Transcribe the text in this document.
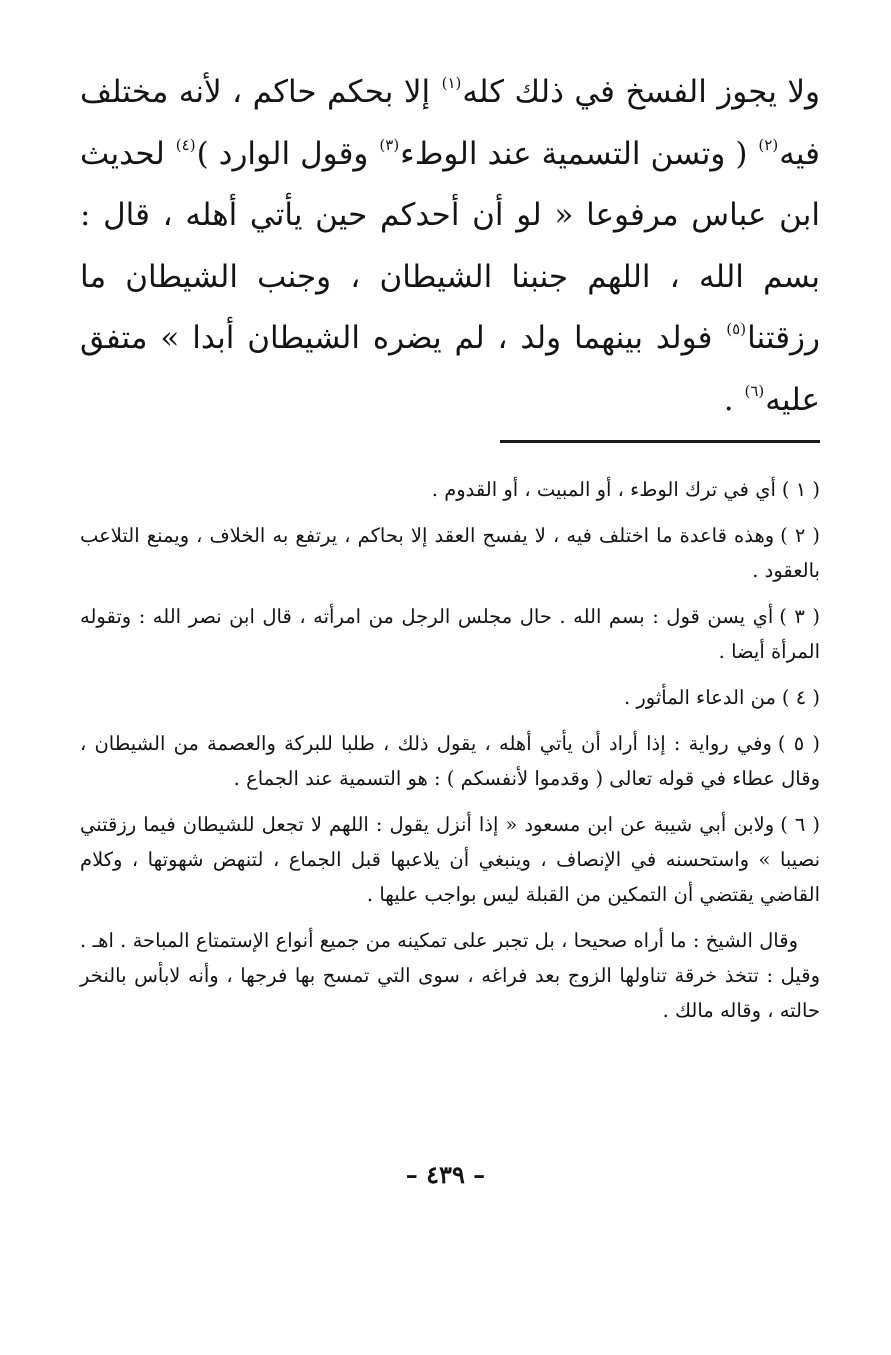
ولا يجوز الفسخ في ذلك كله$^{(١)}$ إلا بحكم حاكم ، لأنه مختلف فيه$^{(٢)}$ ( وتسن التسمية عند الوطء$^{(٣)}$ وقول الوارد )$^{(٤)}$ لحديث ابن عباس مرفوعا « لو أن أحدكم حين يأتي أهله ، قال : بسم الله ، اللهم جنبنا الشيطان ، وجنب الشيطان ما رزقتنا$^{(٥)}$ فولد بينهما ولد ، لم يضره الشيطان أبدا » متفق عليه$^{(٦)}$ .

( ١ )أي في ترك الوطء ، أو المبيت ، أو القدوم .

( ٢ )وهذه قاعدة ما اختلف فيه ، لا يفسح العقد إلا بحاكم ، يرتفع به الخلاف ، ويمنع التلاعب بالعقود .

( ٣ )أي يسن قول : بسم الله . حال مجلس الرجل من امرأته ، قال ابن نصر الله : وتقوله المرأة أيضا .

( ٤ )من الدعاء المأثور .

( ٥ )وفي رواية : إذا أراد أن يأتي أهله ، يقول ذلك ، طلبا للبركة والعصمة من الشيطان ، وقال عطاء في قوله تعالى ( وقدموا لأنفسكم ) : هو التسمية عند الجماع .

( ٦ )ولابن أبي شيبة عن ابن مسعود « إذا أنزل يقول : اللهم لا تجعل للشيطان فيما رزقتني نصيبا » واستحسنه في الإنصاف ، وينبغي أن يلاعبها قبل الجماع ، لتنهض شهوتها ، وكلام القاضي يقتضي أن التمكين من القبلة ليس بواجب عليها .

وقال الشيخ : ما أراه صحيحا ، بل تجبر على تمكينه من جميع أنواع الإستمتاع المباحة . اهـ . وقيل : تتخذ خرقة تناولها الزوج بعد فراغه ، سوى التي تمسح بها فرجها ، وأنه لابأس بالنخر حالته ، وقاله مالك .

– ٤٣٩ –
